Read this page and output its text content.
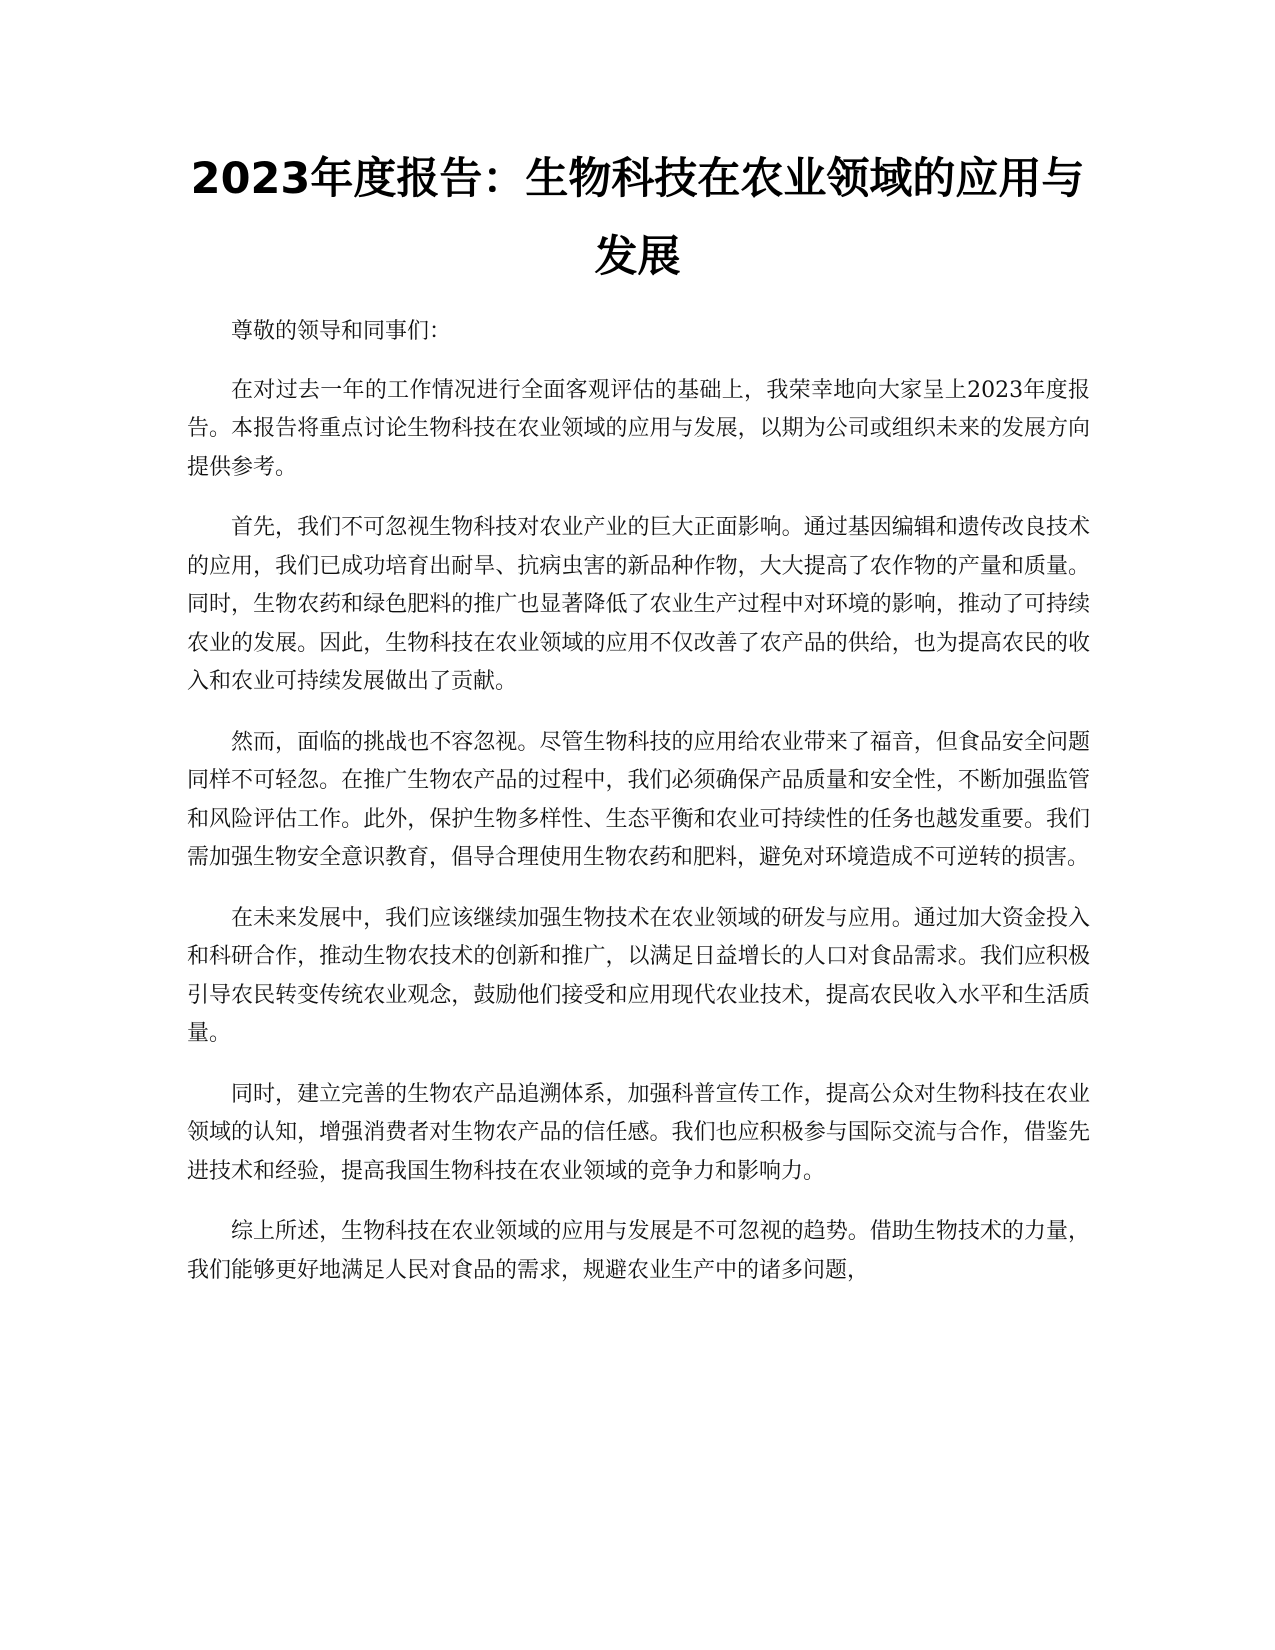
2023年度报告：生物科技在农业领域的应用与发展

尊敬的领导和同事们：

在对过去一年的工作情况进行全面客观评估的基础上，我荣幸地向大家呈上2023年度报告。本报告将重点讨论生物科技在农业领域的应用与发展，以期为公司或组织未来的发展方向提供参考。

首先，我们不可忽视生物科技对农业产业的巨大正面影响。通过基因编辑和遗传改良技术的应用，我们已成功培育出耐旱、抗病虫害的新品种作物，大大提高了农作物的产量和质量。同时，生物农药和绿色肥料的推广也显著降低了农业生产过程中对环境的影响，推动了可持续农业的发展。因此，生物科技在农业领域的应用不仅改善了农产品的供给，也为提高农民的收入和农业可持续发展做出了贡献。

然而，面临的挑战也不容忽视。尽管生物科技的应用给农业带来了福音，但食品安全问题同样不可轻忽。在推广生物农产品的过程中，我们必须确保产品质量和安全性，不断加强监管和风险评估工作。此外，保护生物多样性、生态平衡和农业可持续性的任务也越发重要。我们需加强生物安全意识教育，倡导合理使用生物农药和肥料，避免对环境造成不可逆转的损害。

在未来发展中，我们应该继续加强生物技术在农业领域的研发与应用。通过加大资金投入和科研合作，推动生物农技术的创新和推广，以满足日益增长的人口对食品需求。我们应积极引导农民转变传统农业观念，鼓励他们接受和应用现代农业技术，提高农民收入水平和生活质量。

同时，建立完善的生物农产品追溯体系，加强科普宣传工作，提高公众对生物科技在农业领域的认知，增强消费者对生物农产品的信任感。我们也应积极参与国际交流与合作，借鉴先进技术和经验，提高我国生物科技在农业领域的竞争力和影响力。

综上所述，生物科技在农业领域的应用与发展是不可忽视的趋势。借助生物技术的力量，我们能够更好地满足人民对食品的需求，规避农业生产中的诸多问题，
